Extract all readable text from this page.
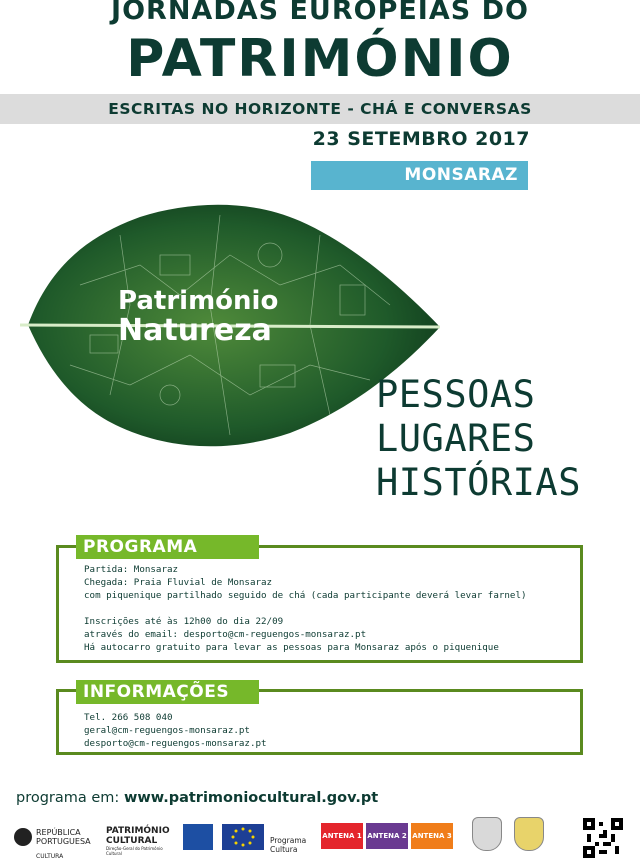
JORNADAS EUROPEIAS DO
PATRIMÓNIO
ESCRITAS NO HORIZONTE - CHÁ E CONVERSAS
23 SETEMBRO 2017
MONSARAZ
Património
Natureza
PESSOAS
LUGARES
HISTÓRIAS
PROGRAMA
Partida: Monsaraz
Chegada: Praia Fluvial de Monsaraz
com piquenique partilhado seguido de chá (cada participante deverá levar farnel)
Inscrições até às 12h00 do dia 22/09
através do email: desporto@cm-reguengos-monsaraz.pt
Há autocarro gratuito para levar as pessoas para Monsaraz após o piquenique
INFORMAÇÕES
Tel. 266 508 040
geral@cm-reguengos-monsaraz.pt
desporto@cm-reguengos-monsaraz.pt
programa em: www.patrimoniocultural.gov.pt
REPÚBLICA
PORTUGUESA
CULTURA
PATRIMÓNIO
CULTURAL
Direção-Geral do Património Cultural
Programa
Cultura
ANTENA 1 ANTENA 2 ANTENA 3
